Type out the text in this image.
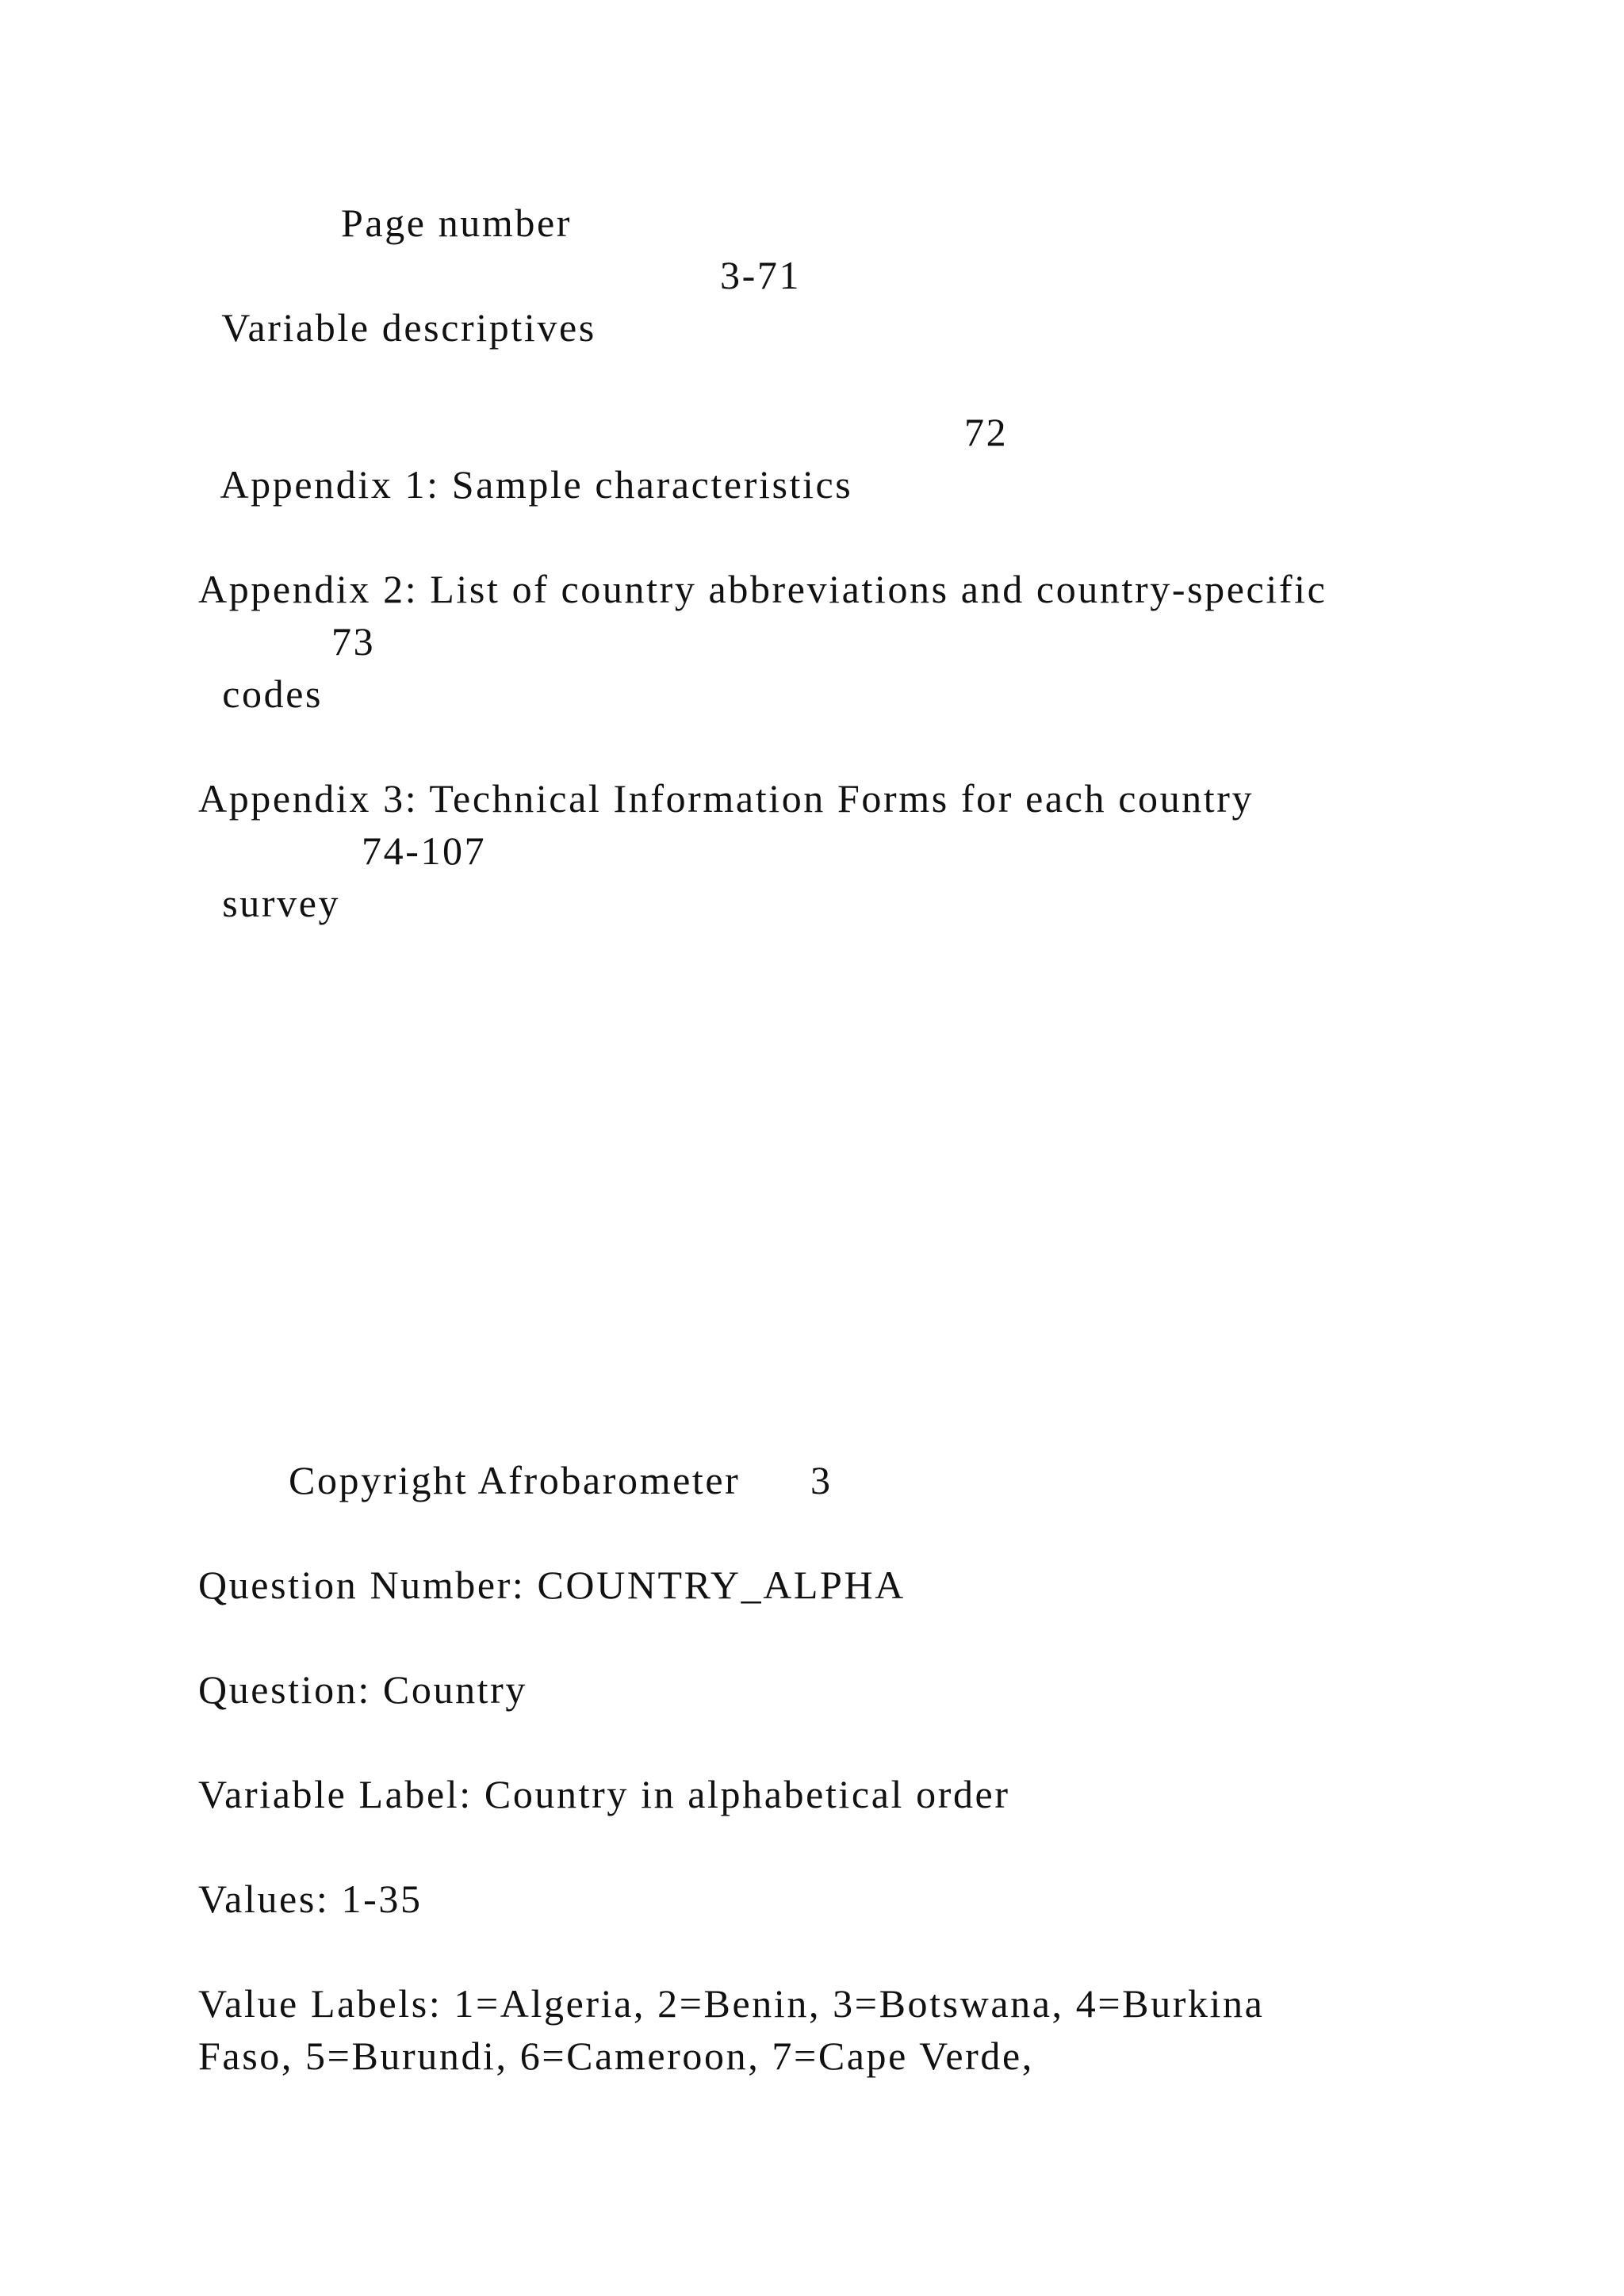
Page number

Variable descriptives

3-71

Appendix 1: Sample characteristics

72
Appendix 2: List of country abbreviations and country-specific

codes

73
Appendix 3: Technical Information Forms for each country

survey

74-107
Copyright Afrobarometer 3
Question Number: COUNTRY_ALPHA
Question: Country
Variable Label: Country in alphabetical order
Values: 1-35
Value Labels: 1=Algeria, 2=Benin, 3=Botswana, 4=Burkina
Faso, 5=Burundi, 6=Cameroon, 7=Cape Verde,
